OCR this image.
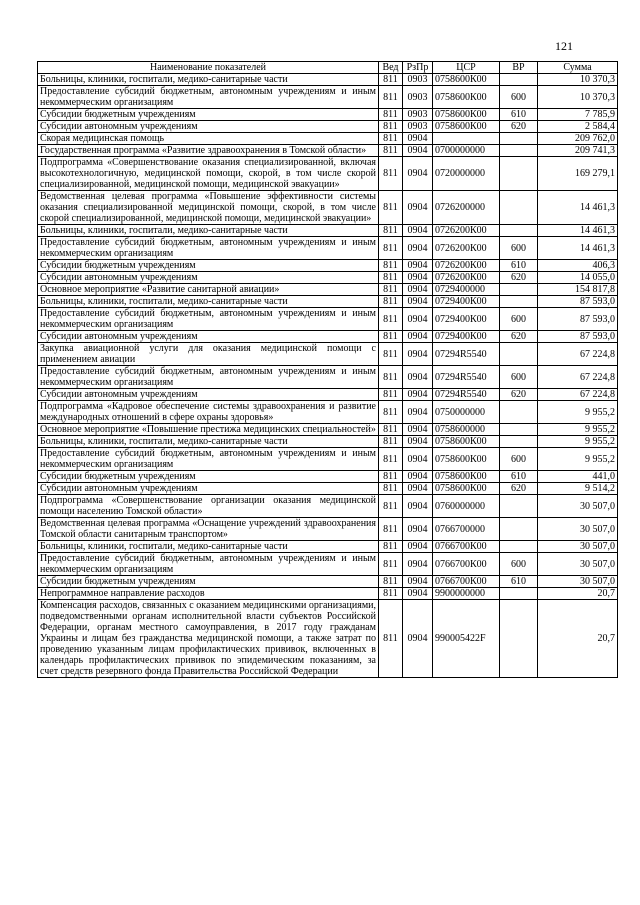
121
Наименование показателей	Вед	РзПр	ЦСР	ВР	Сумма
Больницы, клиники, госпитали, медико-санитарные части	811	0903	0758600К00		10 370,3
Предоставление субсидий бюджетным, автономным учреждениям и иным некоммерческим организациям	811	0903	0758600К00	600	10 370,3
Субсидии бюджетным учреждениям	811	0903	0758600К00	610	7 785,9
Субсидии автономным учреждениям	811	0903	0758600К00	620	2 584,4
Скорая медицинская помощь	811	0904			209 762,0
Государственная программа «Развитие здравоохранения в Томской области»	811	0904	0700000000		209 741,3
Подпрограмма «Совершенствование оказания специализированной, включая высокотехнологичную, медицинской помощи, скорой, в том числе скорой специализированной, медицинской помощи, медицинской эвакуации»	811	0904	0720000000		169 279,1
Ведомственная целевая программа «Повышение эффективности системы оказания специализированной медицинской помощи, скорой, в том числе скорой специализированной, медицинской помощи, медицинской эвакуации»	811	0904	0726200000		14 461,3
Больницы, клиники, госпитали, медико-санитарные части	811	0904	0726200К00		14 461,3
Предоставление субсидий бюджетным, автономным учреждениям и иным некоммерческим организациям	811	0904	0726200К00	600	14 461,3
Субсидии бюджетным учреждениям	811	0904	0726200К00	610	406,3
Субсидии автономным учреждениям	811	0904	0726200К00	620	14 055,0
Основное мероприятие «Развитие санитарной авиации»	811	0904	0729400000		154 817,8
Больницы, клиники, госпитали, медико-санитарные части	811	0904	0729400К00		87 593,0
Предоставление субсидий бюджетным, автономным учреждениям и иным некоммерческим организациям	811	0904	0729400К00	600	87 593,0
Субсидии автономным учреждениям	811	0904	0729400К00	620	87 593,0
Закупка авиационной услуги для оказания медицинской помощи с применением авиации	811	0904	07294R5540		67 224,8
Предоставление субсидий бюджетным, автономным учреждениям и иным некоммерческим организациям	811	0904	07294R5540	600	67 224,8
Субсидии автономным учреждениям	811	0904	07294R5540	620	67 224,8
Подпрограмма «Кадровое обеспечение системы здравоохранения и развитие международных отношений в сфере охраны здоровья»	811	0904	0750000000		9 955,2
Основное мероприятие «Повышение престижа медицинских специальностей»	811	0904	0758600000		9 955,2
Больницы, клиники, госпитали, медико-санитарные части	811	0904	0758600К00		9 955,2
Предоставление субсидий бюджетным, автономным учреждениям и иным некоммерческим организациям	811	0904	0758600К00	600	9 955,2
Субсидии бюджетным учреждениям	811	0904	0758600К00	610	441,0
Субсидии автономным учреждениям	811	0904	0758600К00	620	9 514,2
Подпрограмма «Совершенствование организации оказания медицинской помощи населению Томской области»	811	0904	0760000000		30 507,0
Ведомственная целевая программа «Оснащение учреждений здравоохранения Томской области санитарным транспортом»	811	0904	0766700000		30 507,0
Больницы, клиники, госпитали, медико-санитарные части	811	0904	0766700К00		30 507,0
Предоставление субсидий бюджетным, автономным учреждениям и иным некоммерческим организациям	811	0904	0766700К00	600	30 507,0
Субсидии бюджетным учреждениям	811	0904	0766700К00	610	30 507,0
Непрограммное направление расходов	811	0904	9900000000		20,7
Компенсация расходов, связанных с оказанием медицинскими организациями, подведомственными органам исполнительной власти субъектов Российской Федерации, органам местного самоуправления, в 2017 году гражданам Украины и лицам без гражданства медицинской помощи, а также затрат по проведению указанным лицам профилактических прививок, включенных в календарь профилактических прививок по эпидемическим показаниям, за счет средств резервного фонда Правительства Российской Федерации	811	0904	990005422F		20,7
